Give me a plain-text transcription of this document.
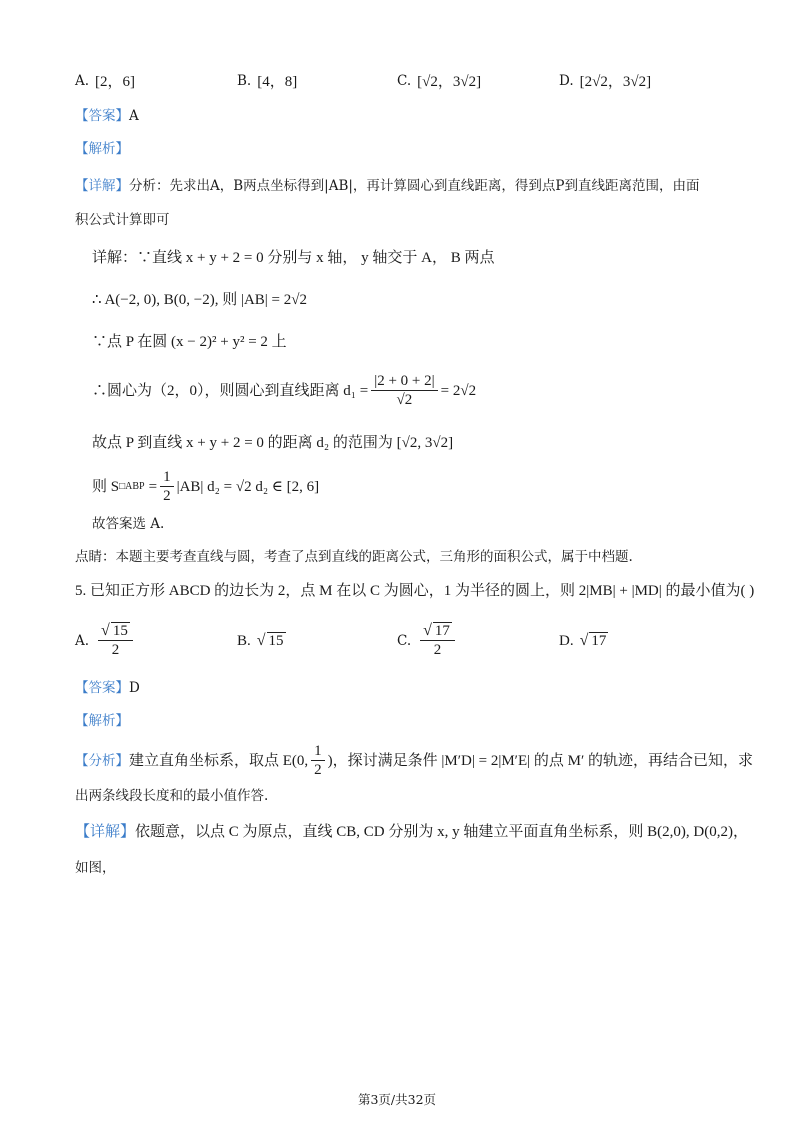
A. [2，6]	B. [4，8]	C. [√2，3√2]	D. [2√2，3√2]
【答案】A
【解析】
【详解】分析：先求出A，B两点坐标得到|AB|，再计算圆心到直线距离，得到点P到直线距离范围，由面
积公式计算即可
详解：∵直线 x + y + 2 = 0 分别与 x 轴， y 轴交于 A， B 两点
∴ A(−2, 0), B(0, −2), 则 |AB| = 2√2
∵点 P 在圆 (x − 2)² + y² = 2 上
∴圆心为（2，0），则圆心到直线距离 $d_1 = \frac{|2 + 0 + 2|}{√2} = 2√2$
故点 P 到直线 x + y + 2 = 0 的距离 d₂ 的范围为 [√2, 3√2]
则 S □ABP = $\frac{1}{2} |AB|$ d₂ = √2 d₂ ∈ [2, 6]
故答案选 A.
点睛：本题主要考查直线与圆，考查了点到直线的距离公式，三角形的面积公式，属于中档题.
5. 已知正方形 ABCD 的边长为 2，点 M 在以 C 为圆心，1 为半径的圆上，则 2|MB| + |MD| 的最小值为( )
A. $\frac{√ 15}{2}$	B. √ 15	C. $\frac{√ 17}{2}$	D. √ 17
【答案】D
【解析】
【分析】 建立直角坐标系，取点 E(0, $\frac{1}{2}$ )，探讨满足条件 |M′D| = 2|M′E| 的点 M′ 的轨迹，再结合已知，求
出两条线段长度和的最小值作答.
【详解】依题意，以点 C 为原点，直线 CB, CD 分别为 x, y 轴建立平面直角坐标系，则 B(2,0), D(0,2)，
如图，
第3页/共32页
